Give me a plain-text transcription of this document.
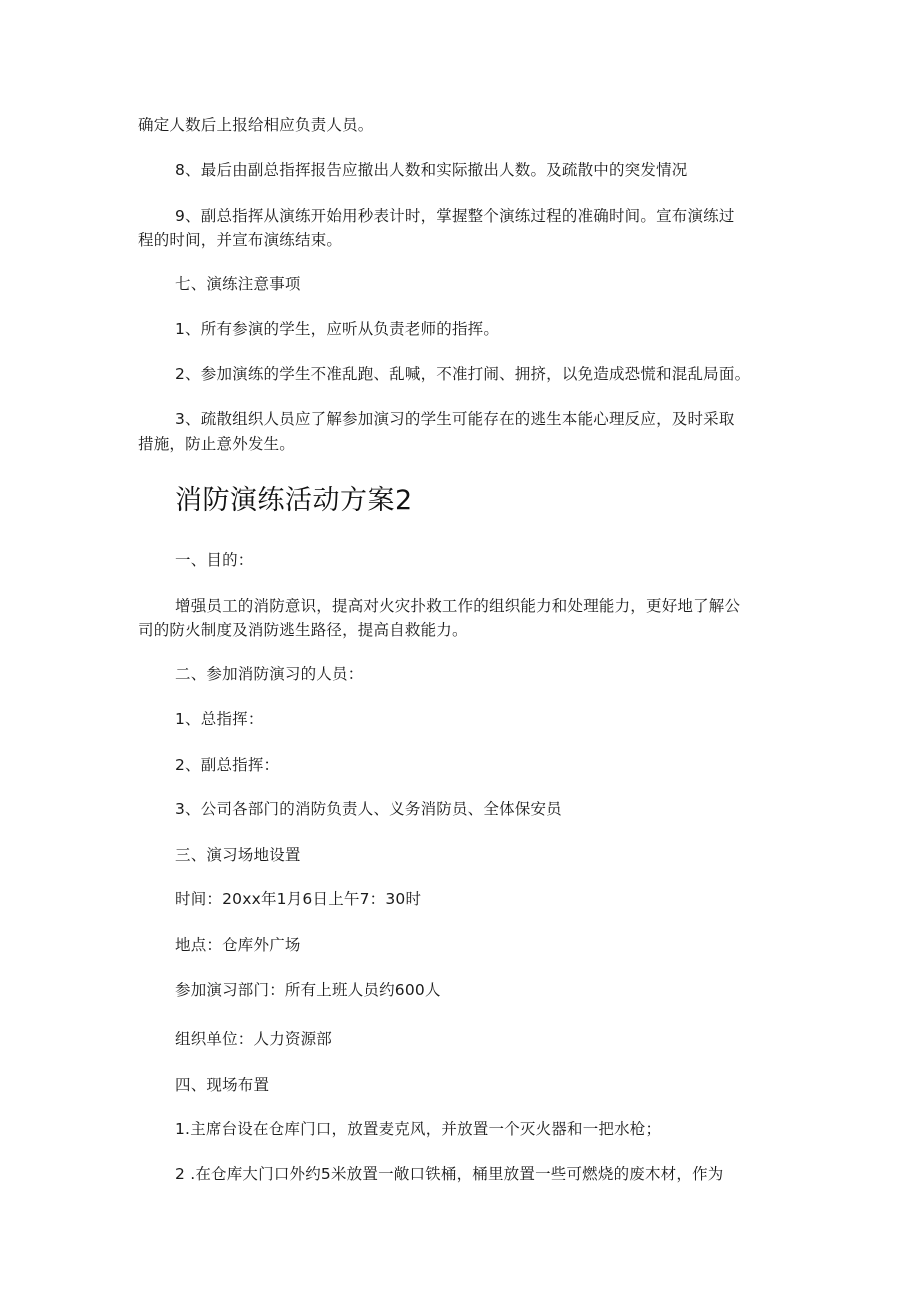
确定人数后上报给相应负责人员。
8、最后由副总指挥报告应撤出人数和实际撤出人数。及疏散中的突发情况
9、副总指挥从演练开始用秒表计时，掌握整个演练过程的准确时间。宣布演练过
程的时间，并宣布演练结束。
七、演练注意事项
1、所有参演的学生，应听从负责老师的指挥。
2、参加演练的学生不准乱跑、乱喊，不准打闹、拥挤，以免造成恐慌和混乱局面。
3、疏散组织人员应了解参加演习的学生可能存在的逃生本能心理反应，及时采取
措施，防止意外发生。
消防演练活动方案2
一、目的：
增强员工的消防意识，提高对火灾扑救工作的组织能力和处理能力，更好地了解公
司的防火制度及消防逃生路径，提高自救能力。
二、参加消防演习的人员：
1、总指挥：
2、副总指挥：
3、公司各部门的消防负责人、义务消防员、全体保安员
三、演习场地设置
时间：20xx年1月6日上午7：30时
地点：仓库外广场
参加演习部门：所有上班人员约600人
组织单位：人力资源部
四、现场布置
1.主席台设在仓库门口，放置麦克风，并放置一个灭火器和一把水枪；
2 .在仓库大门口外约5米放置一敞口铁桶，桶里放置一些可燃烧的废木材，作为
